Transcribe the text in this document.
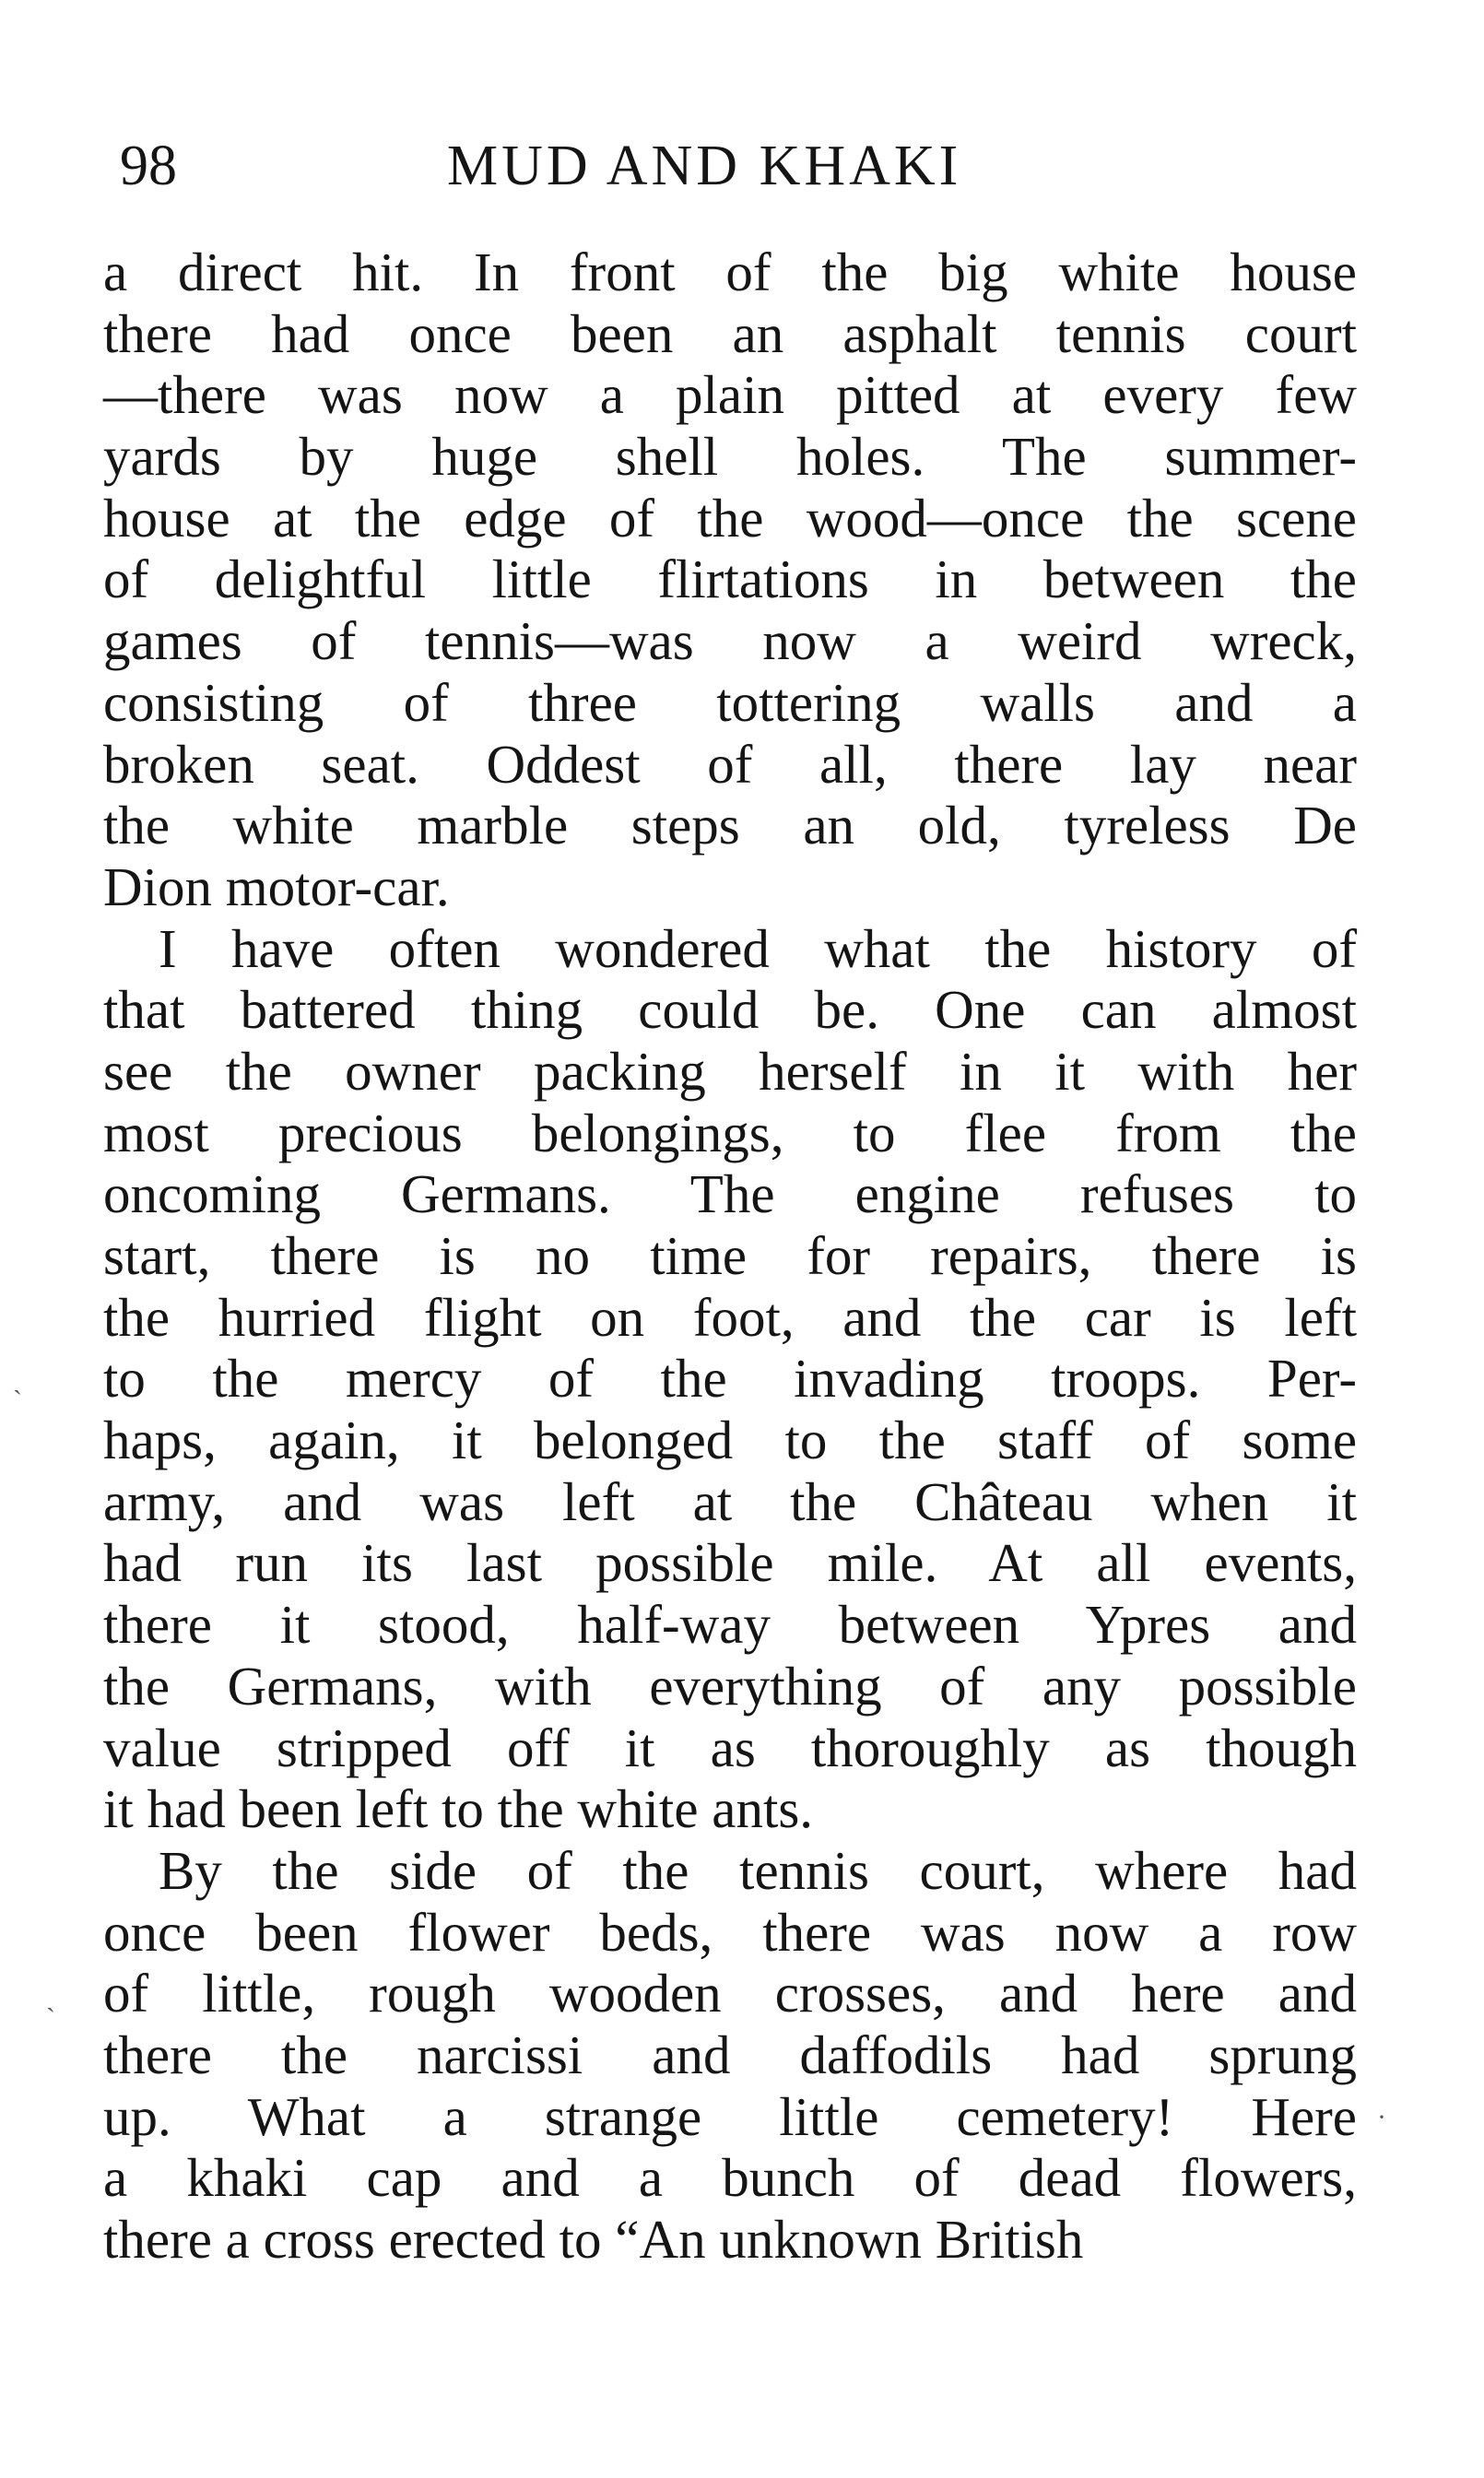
98	MUD AND KHAKI
a direct hit. In front of the big white house
there had once been an asphalt tennis court
—there was now a plain pitted at every few
yards by huge shell holes. The summer-
house at the edge of the wood—once the scene
of delightful little flirtations in between the
games of tennis—was now a weird wreck,
consisting of three tottering walls and a
broken seat. Oddest of all, there lay near
the white marble steps an old, tyreless De
Dion motor-car.
I have often wondered what the history of
that battered thing could be. One can almost
see the owner packing herself in it with her
most precious belongings, to flee from the
oncoming Germans. The engine refuses to
start, there is no time for repairs, there is
the hurried flight on foot, and the car is left
to the mercy of the invading troops. Per-
haps, again, it belonged to the staff of some
army, and was left at the Château when it
had run its last possible mile. At all events,
there it stood, half-way between Ypres and
the Germans, with everything of any possible
value stripped off it as thoroughly as though
it had been left to the white ants.
By the side of the tennis court, where had
once been flower beds, there was now a row
of little, rough wooden crosses, and here and
there the narcissi and daffodils had sprung
up. What a strange little cemetery! Here
a khaki cap and a bunch of dead flowers,
there a cross erected to “An unknown British
ˏ
ˏ
·
